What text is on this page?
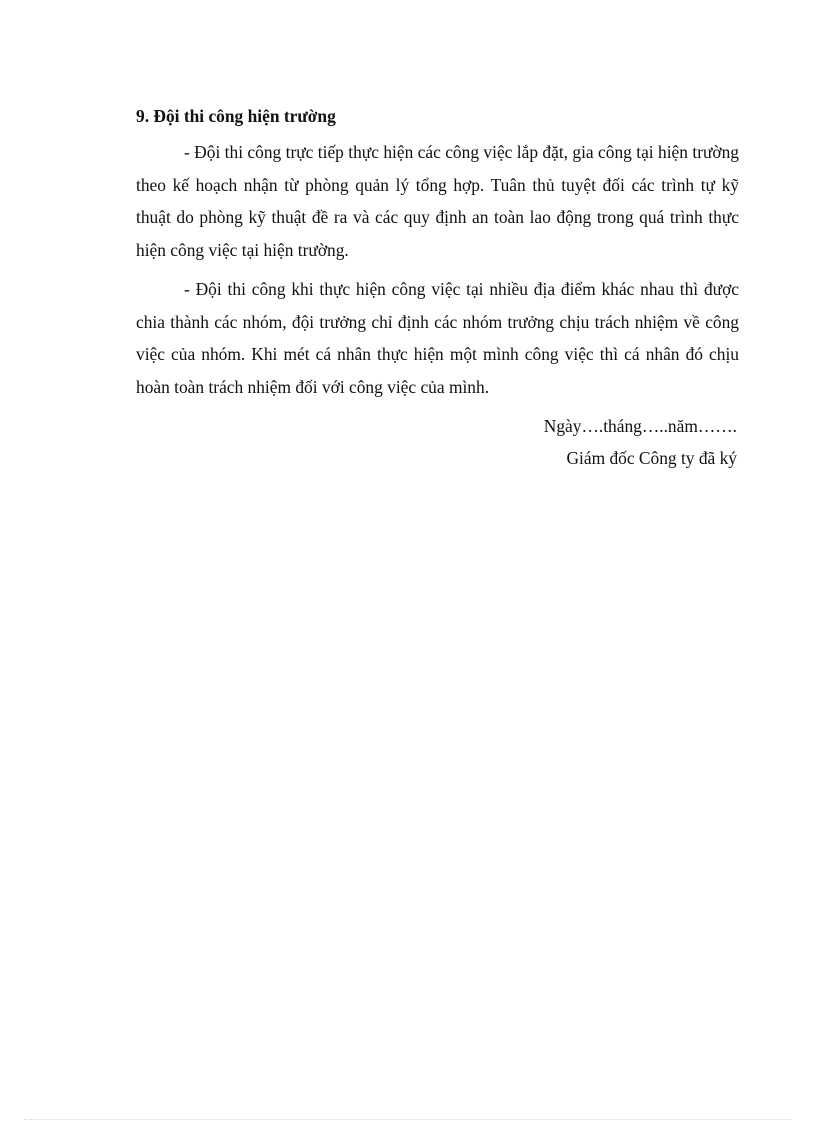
9. Đội thi công hiện trường

- Đội thi công trực tiếp thực hiện các công việc lắp đặt, gia công tại hiện trường theo kế hoạch nhận từ phòng quản lý tổng hợp. Tuân thủ tuyệt đối các trình tự kỹ thuật do phòng kỹ thuật đề ra và các quy định an toàn lao động trong quá trình thực hiện công việc tại hiện trường.

- Đội thi công khi thực hiện công việc tại nhiều địa điểm khác nhau thì được chia thành các nhóm, đội trưởng chỉ định các nhóm trưởng chịu trách nhiệm về công việc của nhóm. Khi mét cá nhân thực hiện một mình công việc thì cá nhân đó chịu hoàn toàn trách nhiệm đối với công việc của mình.

Ngày….tháng…..năm…….

Giám đốc Công ty đã ký
